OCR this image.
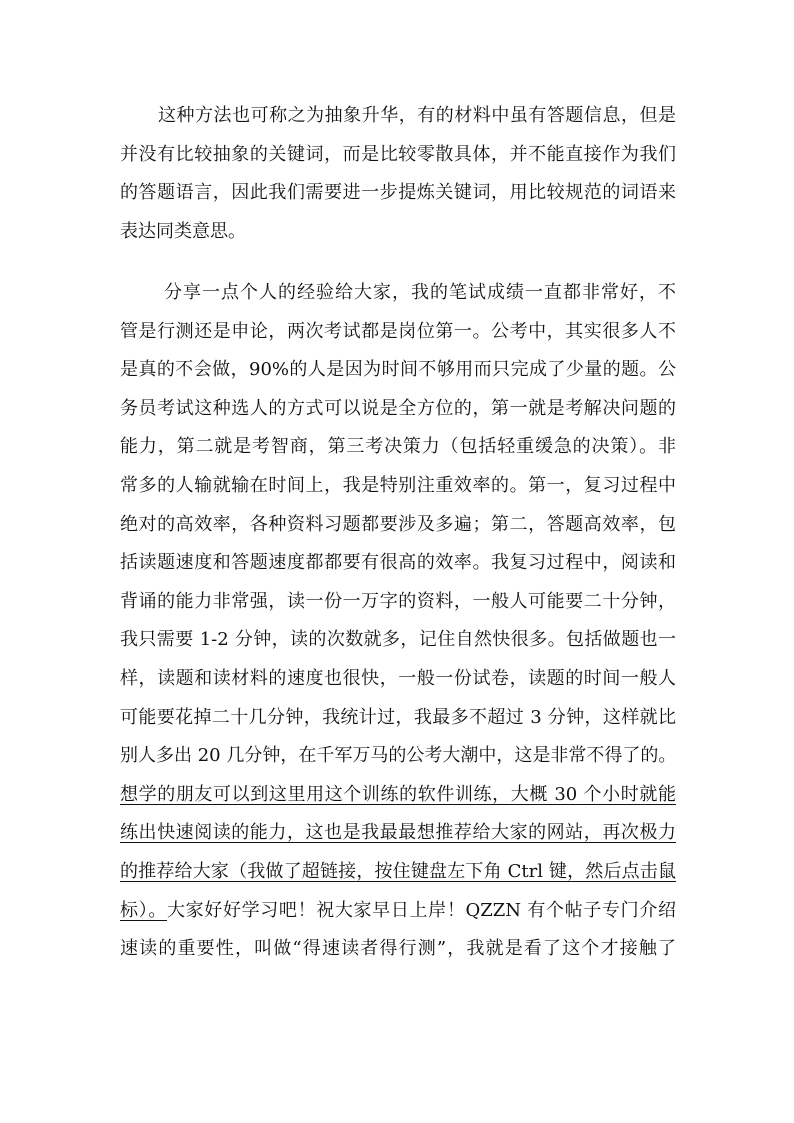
这种方法也可称之为抽象升华，有的材料中虽有答题信息，但是
并没有比较抽象的关键词，而是比较零散具体，并不能直接作为我们
的答题语言，因此我们需要进一步提炼关键词，用比较规范的词语来
表达同类意思。
分享一点个人的经验给大家，我的笔试成绩一直都非常好，不
管是行测还是申论，两次考试都是岗位第一。公考中，其实很多人不
是真的不会做，90%的人是因为时间不够用而只完成了少量的题。公
务员考试这种选人的方式可以说是全方位的，第一就是考解决问题的
能力，第二就是考智商，第三考决策力（包括轻重缓急的决策）。非
常多的人输就输在时间上，我是特别注重效率的。第一，复习过程中
绝对的高效率，各种资料习题都要涉及多遍；第二，答题高效率，包
括读题速度和答题速度都都要有很高的效率。我复习过程中，阅读和
背诵的能力非常强，读一份一万字的资料，一般人可能要二十分钟，
我只需要 1-2 分钟，读的次数就多，记住自然快很多。包括做题也一
样，读题和读材料的速度也很快，一般一份试卷，读题的时间一般人
可能要花掉二十几分钟，我统计过，我最多不超过 3 分钟，这样就比
别人多出 20 几分钟，在千军万马的公考大潮中，这是非常不得了的。
想学的朋友可以到这里用这个训练的软件训练，大概 30 个小时就能
练出快速阅读的能力，这也是我最最想推荐给大家的网站，再次极力
的推荐给大家（我做了超链接，按住键盘左下角 Ctrl 键，然后点击鼠
标）。大家好好学习吧！祝大家早日上岸！QZZN 有个帖子专门介绍
速读的重要性，叫做“得速读者得行测”，我就是看了这个才接触了
